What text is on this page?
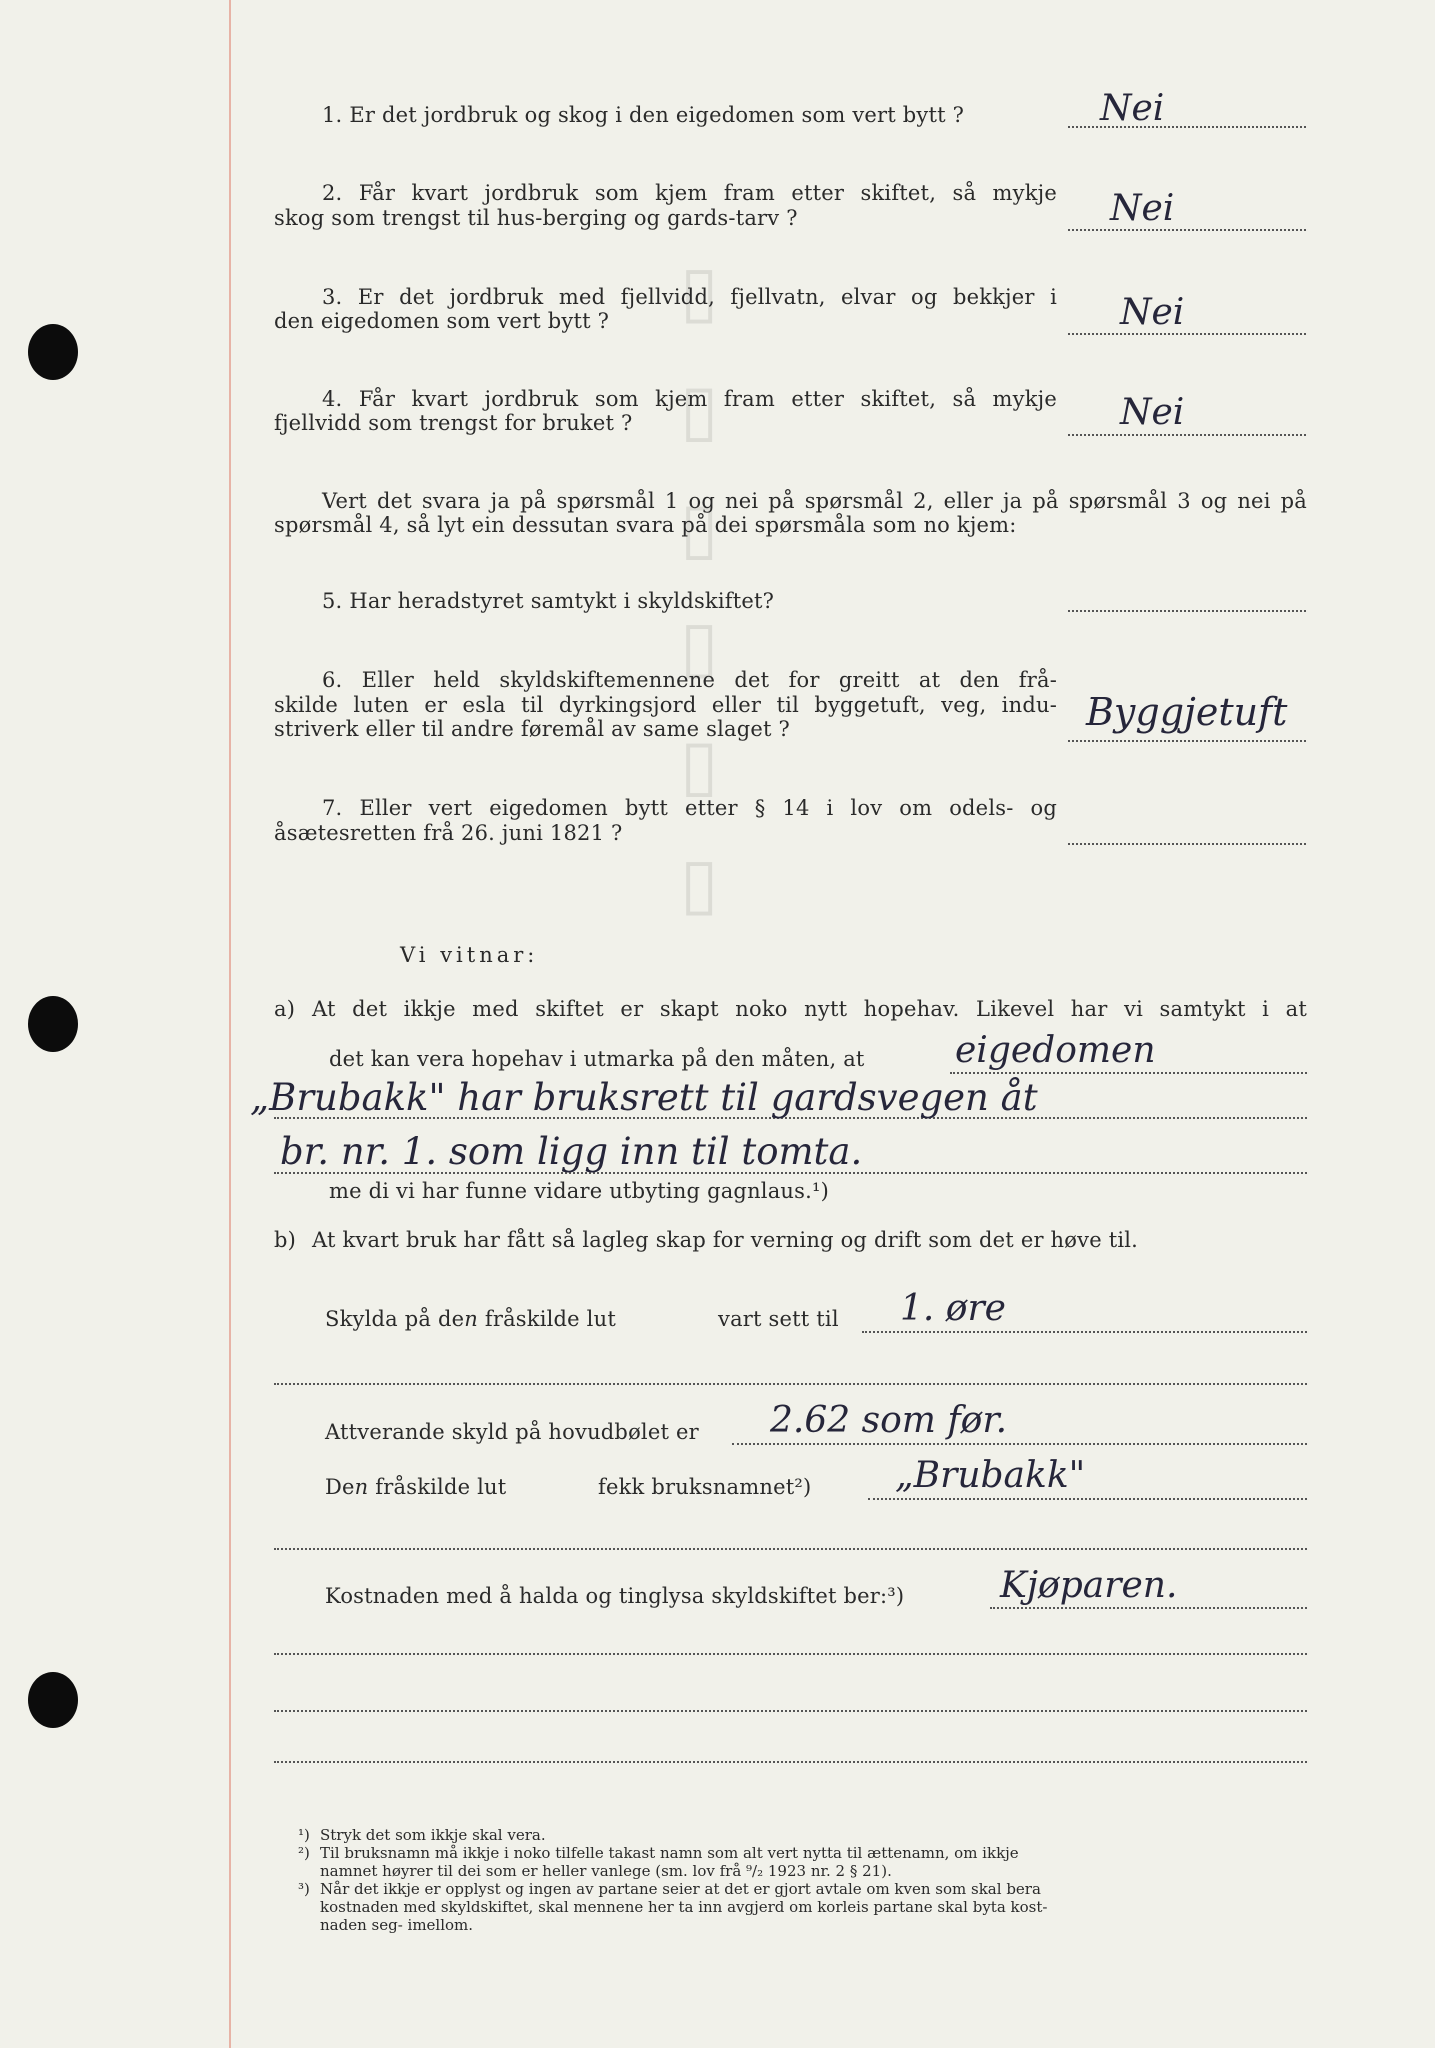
▯ ▯ ▯ ▯ ▯ ▯
1. Er det jordbruk og skog i den eigedomen som vert bytt ?	Nei
2. Får kvart jordbruk som kjem fram etter skiftet, så mykje
skog som trengst til hus-berging og gards-tarv ?	Nei
3. Er det jordbruk med fjellvidd, fjellvatn, elvar og bekkjer i
den eigedomen som vert bytt ?	Nei
4. Får kvart jordbruk som kjem fram etter skiftet, så mykje
fjellvidd som trengst for bruket ?	Nei
Vert det svara ja på spørsmål 1 og nei på spørsmål 2, eller ja på spørsmål 3 og nei på
spørsmål 4, så lyt ein dessutan svara på dei spørsmåla som no kjem:
5. Har heradstyret samtykt i skyldskiftet?
6. Eller held skyldskiftemennene det for greitt at den frå-
skilde luten er esla til dyrkingsjord eller til byggetuft, veg, indu-
striverk eller til andre føremål av same slaget ?	Byggjetuft
7. Eller vert eigedomen bytt etter § 14 i lov om odels- og
åsætesretten frå 26. juni 1821 ?
Vi vitnar:
a) At det ikkje med skiftet er skapt noko nytt hopehav. Likevel har vi samtykt i at
det kan vera hopehav i utmarka på den måten, at	eigedomen
„Brubakk" har bruksrett til gardsvegen åt
br. nr. 1. som ligg inn til tomta.
me di vi har funne vidare utbyting gagnlaus.¹)
b) At kvart bruk har fått så lagleg skap for verning og drift som det er høve til.
Skylda på den fråskilde lut	vart sett til 1. øre
Attverande skyld på hovudbølet er 2.62 som før.
Den fråskilde lut	fekk bruksnamnet²) „Brubakk"
Kostnaden med å halda og tinglysa skyldskiftet ber:³)	Kjøparen.
¹) Stryk det som ikkje skal vera.
²) Til bruksnamn må ikkje i noko tilfelle takast namn som alt vert nytta til ættenamn, om ikkje
namnet høyrer til dei som er heller vanlege (sm. lov frå ⁹/₂ 1923 nr. 2 § 21).
³) Når det ikkje er opplyst og ingen av partane seier at det er gjort avtale om kven som skal bera
kostnaden med skyldskiftet, skal mennene her ta inn avgjerd om korleis partane skal byta kost-
naden seg- imellom.
